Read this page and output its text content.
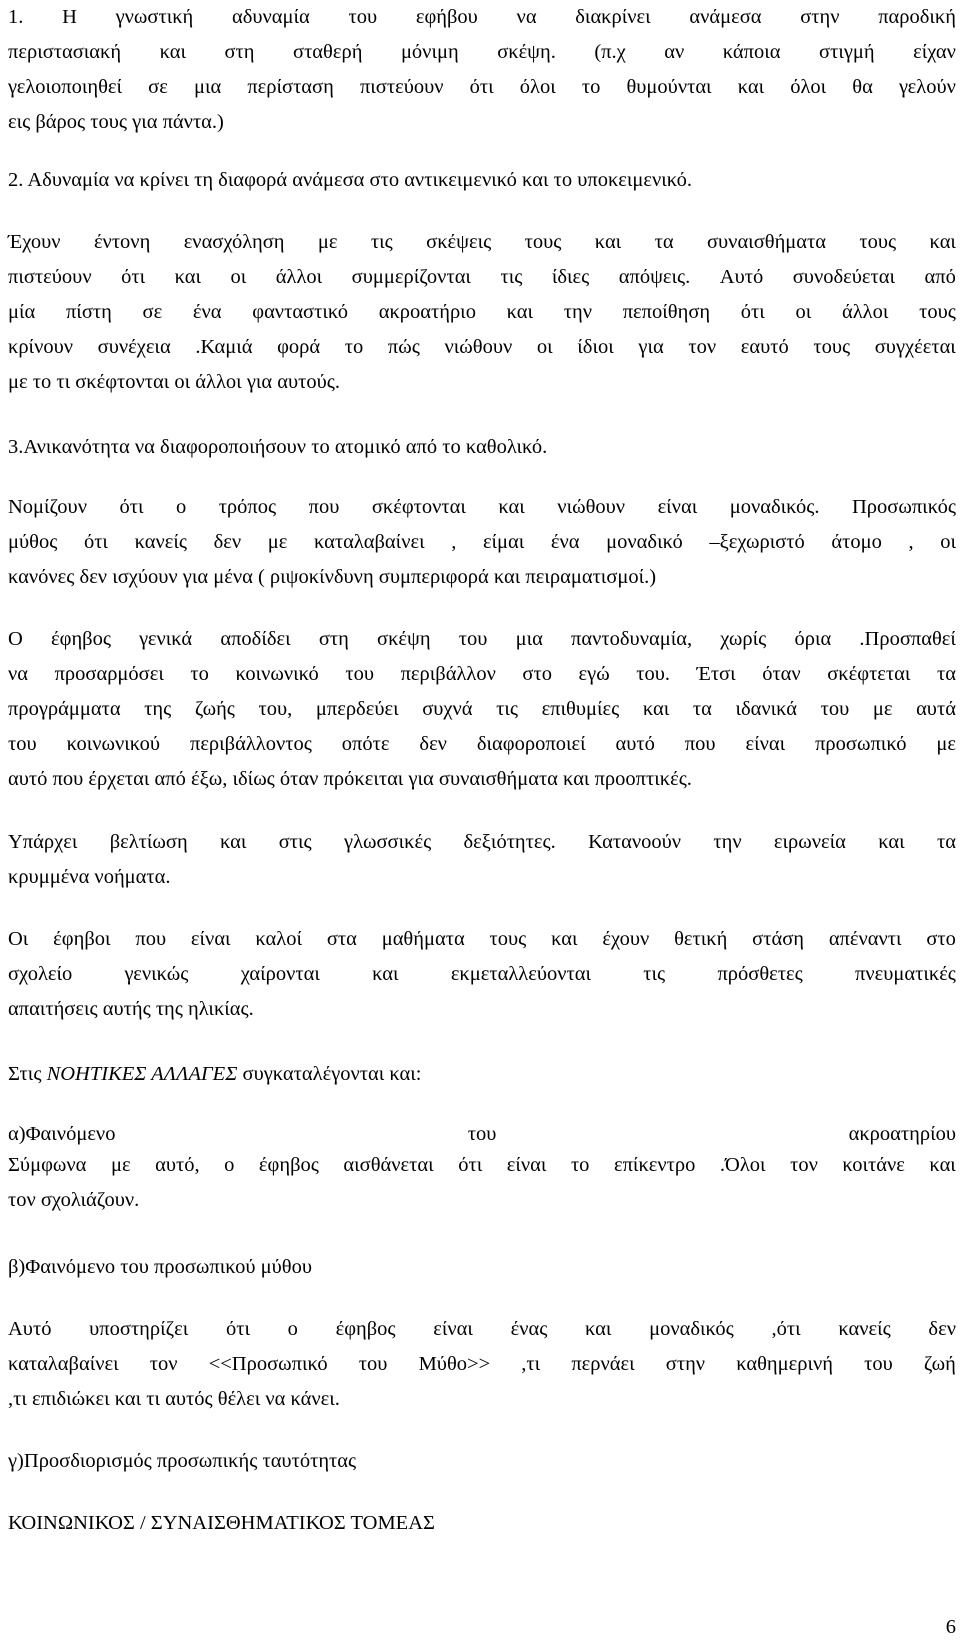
1. Η γνωστική αδυναμία του εφήβου να διακρίνει ανάμεσα στην παροδική
περιστασιακή και στη σταθερή μόνιμη σκέψη. (π.χ αν κάποια στιγμή είχαν
γελοιοποιηθεί σε μια περίσταση πιστεύουν ότι όλοι το θυμούνται και όλοι θα γελούν
εις βάρος τους για πάντα.)
2. Αδυναμία να κρίνει τη διαφορά ανάμεσα στο αντικειμενικό και το υποκειμενικό.
Έχουν έντονη ενασχόληση με τις σκέψεις τους και τα συναισθήματα τους και
πιστεύουν ότι και οι άλλοι συμμερίζονται τις ίδιες απόψεις. Αυτό συνοδεύεται από
μία πίστη σε ένα φανταστικό ακροατήριο και την πεποίθηση ότι οι άλλοι τους
κρίνουν συνέχεια .Καμιά φορά το πώς νιώθουν οι ίδιοι για τον εαυτό τους συγχέεται
με το τι σκέφτονται οι άλλοι για αυτούς.
3.Ανικανότητα να διαφοροποιήσουν το ατομικό από το καθολικό.
Νομίζουν ότι ο τρόπος που σκέφτονται και νιώθουν είναι μοναδικός. Προσωπικός
μύθος ότι κανείς δεν με καταλαβαίνει , είμαι ένα μοναδικό –ξεχωριστό άτομο , οι
κανόνες δεν ισχύουν για μένα ( ριψοκίνδυνη συμπεριφορά και πειραματισμοί.)
Ο έφηβος γενικά αποδίδει στη σκέψη του μια παντοδυναμία, χωρίς όρια .Προσπαθεί
να προσαρμόσει το κοινωνικό του περιβάλλον στο εγώ του. Έτσι όταν σκέφτεται τα
προγράμματα της ζωής του, μπερδεύει συχνά τις επιθυμίες και τα ιδανικά του με αυτά
του κοινωνικού περιβάλλοντος οπότε δεν διαφοροποιεί αυτό που είναι προσωπικό με
αυτό που έρχεται από έξω, ιδίως όταν πρόκειται για συναισθήματα και προοπτικές.
Υπάρχει βελτίωση και στις γλωσσικές δεξιότητες. Κατανοούν την ειρωνεία και τα
κρυμμένα νοήματα.
Οι έφηβοι που είναι καλοί στα μαθήματα τους και έχουν θετική στάση απέναντι στο
σχολείο	γενικώς	χαίρονται	και	εκμεταλλεύονται	τις	πρόσθετες	πνευματικές
απαιτήσεις αυτής της ηλικίας.
Στις ΝΟΗΤΙΚΕΣ ΑΛΛΑΓΕΣ συγκαταλέγονται και:
α)Φαινόμενο	του	ακροατηρίου
Σύμφωνα με αυτό, ο έφηβος αισθάνεται ότι είναι το επίκεντρο .Όλοι τον κοιτάνε και
τον σχολιάζουν.
β)Φαινόμενο του προσωπικού μύθου
Αυτό υποστηρίζει ότι ο έφηβος είναι ένας και μοναδικός ,ότι κανείς δεν
καταλαβαίνει τον <<Προσωπικό του Μύθο>> ,τι περνάει στην καθημερινή του ζωή
,τι επιδιώκει και τι αυτός θέλει να κάνει.
γ)Προσδιορισμός προσωπικής ταυτότητας
ΚΟΙΝΩΝΙΚΟΣ / ΣΥΝΑΙΣΘΗΜΑΤΙΚΟΣ ΤΟΜΕΑΣ
6
